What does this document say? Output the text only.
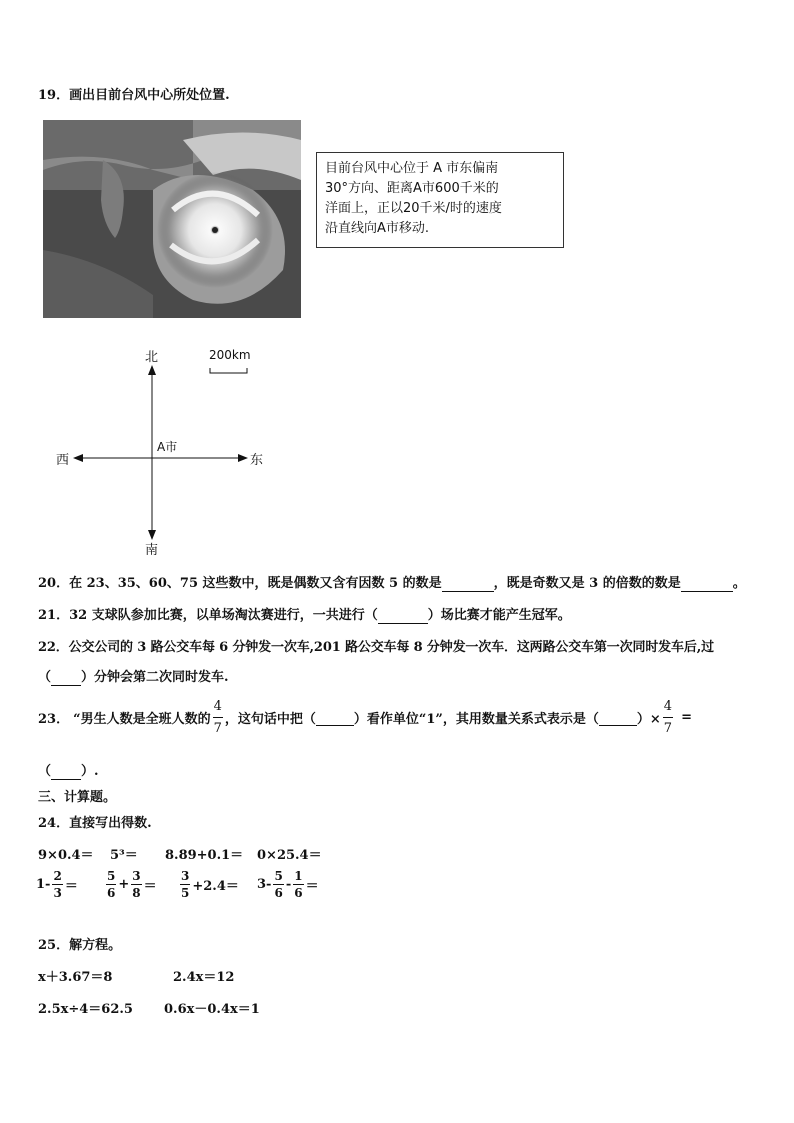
19．画出目前台风中心所处位置.
目前台风中心位于 A 市东偏南
30°方向、距离A市600千米的
洋面上，正以20千米/时的速度
沿直线向A市移动.
北
南
西	东
A市
200km
20．在 23、35、60、75 这些数中，既是偶数又含有因数 5 的数是	，既是奇数又是 3 的倍数的数是	。
21．32 支球队参加比赛，以单场淘汰赛进行，一共进行（	）场比赛才能产生冠军。
22．公交公司的 3 路公交车每 6 分钟发一次车,201 路公交车每 8 分钟发一次车．这两路公交车第一次同时发车后,过
（ ）分钟会第二次同时发车.
23． “男生人数是全班人数的 $\frac{4}{7}$ ，这句话中把（	）看作单位“1”，其用数量关系式表示是（	）× $\frac{4}{7}$ =
（ ）.
三、计算题。
24．直接写出得数.
9×0.4＝ 5³＝ 8.89+0.1＝ 0×25.4＝
$1- \frac{2}{3} = \frac{5}{6} + \frac{3}{8} = \frac{3}{5} +2.4= 3- \frac{5}{6} - \frac{1}{6}$ ＝
25．解方程。
x＋3.67＝8	2.4x＝12
2.5x÷4＝62.5 0.6x－0.4x＝1
